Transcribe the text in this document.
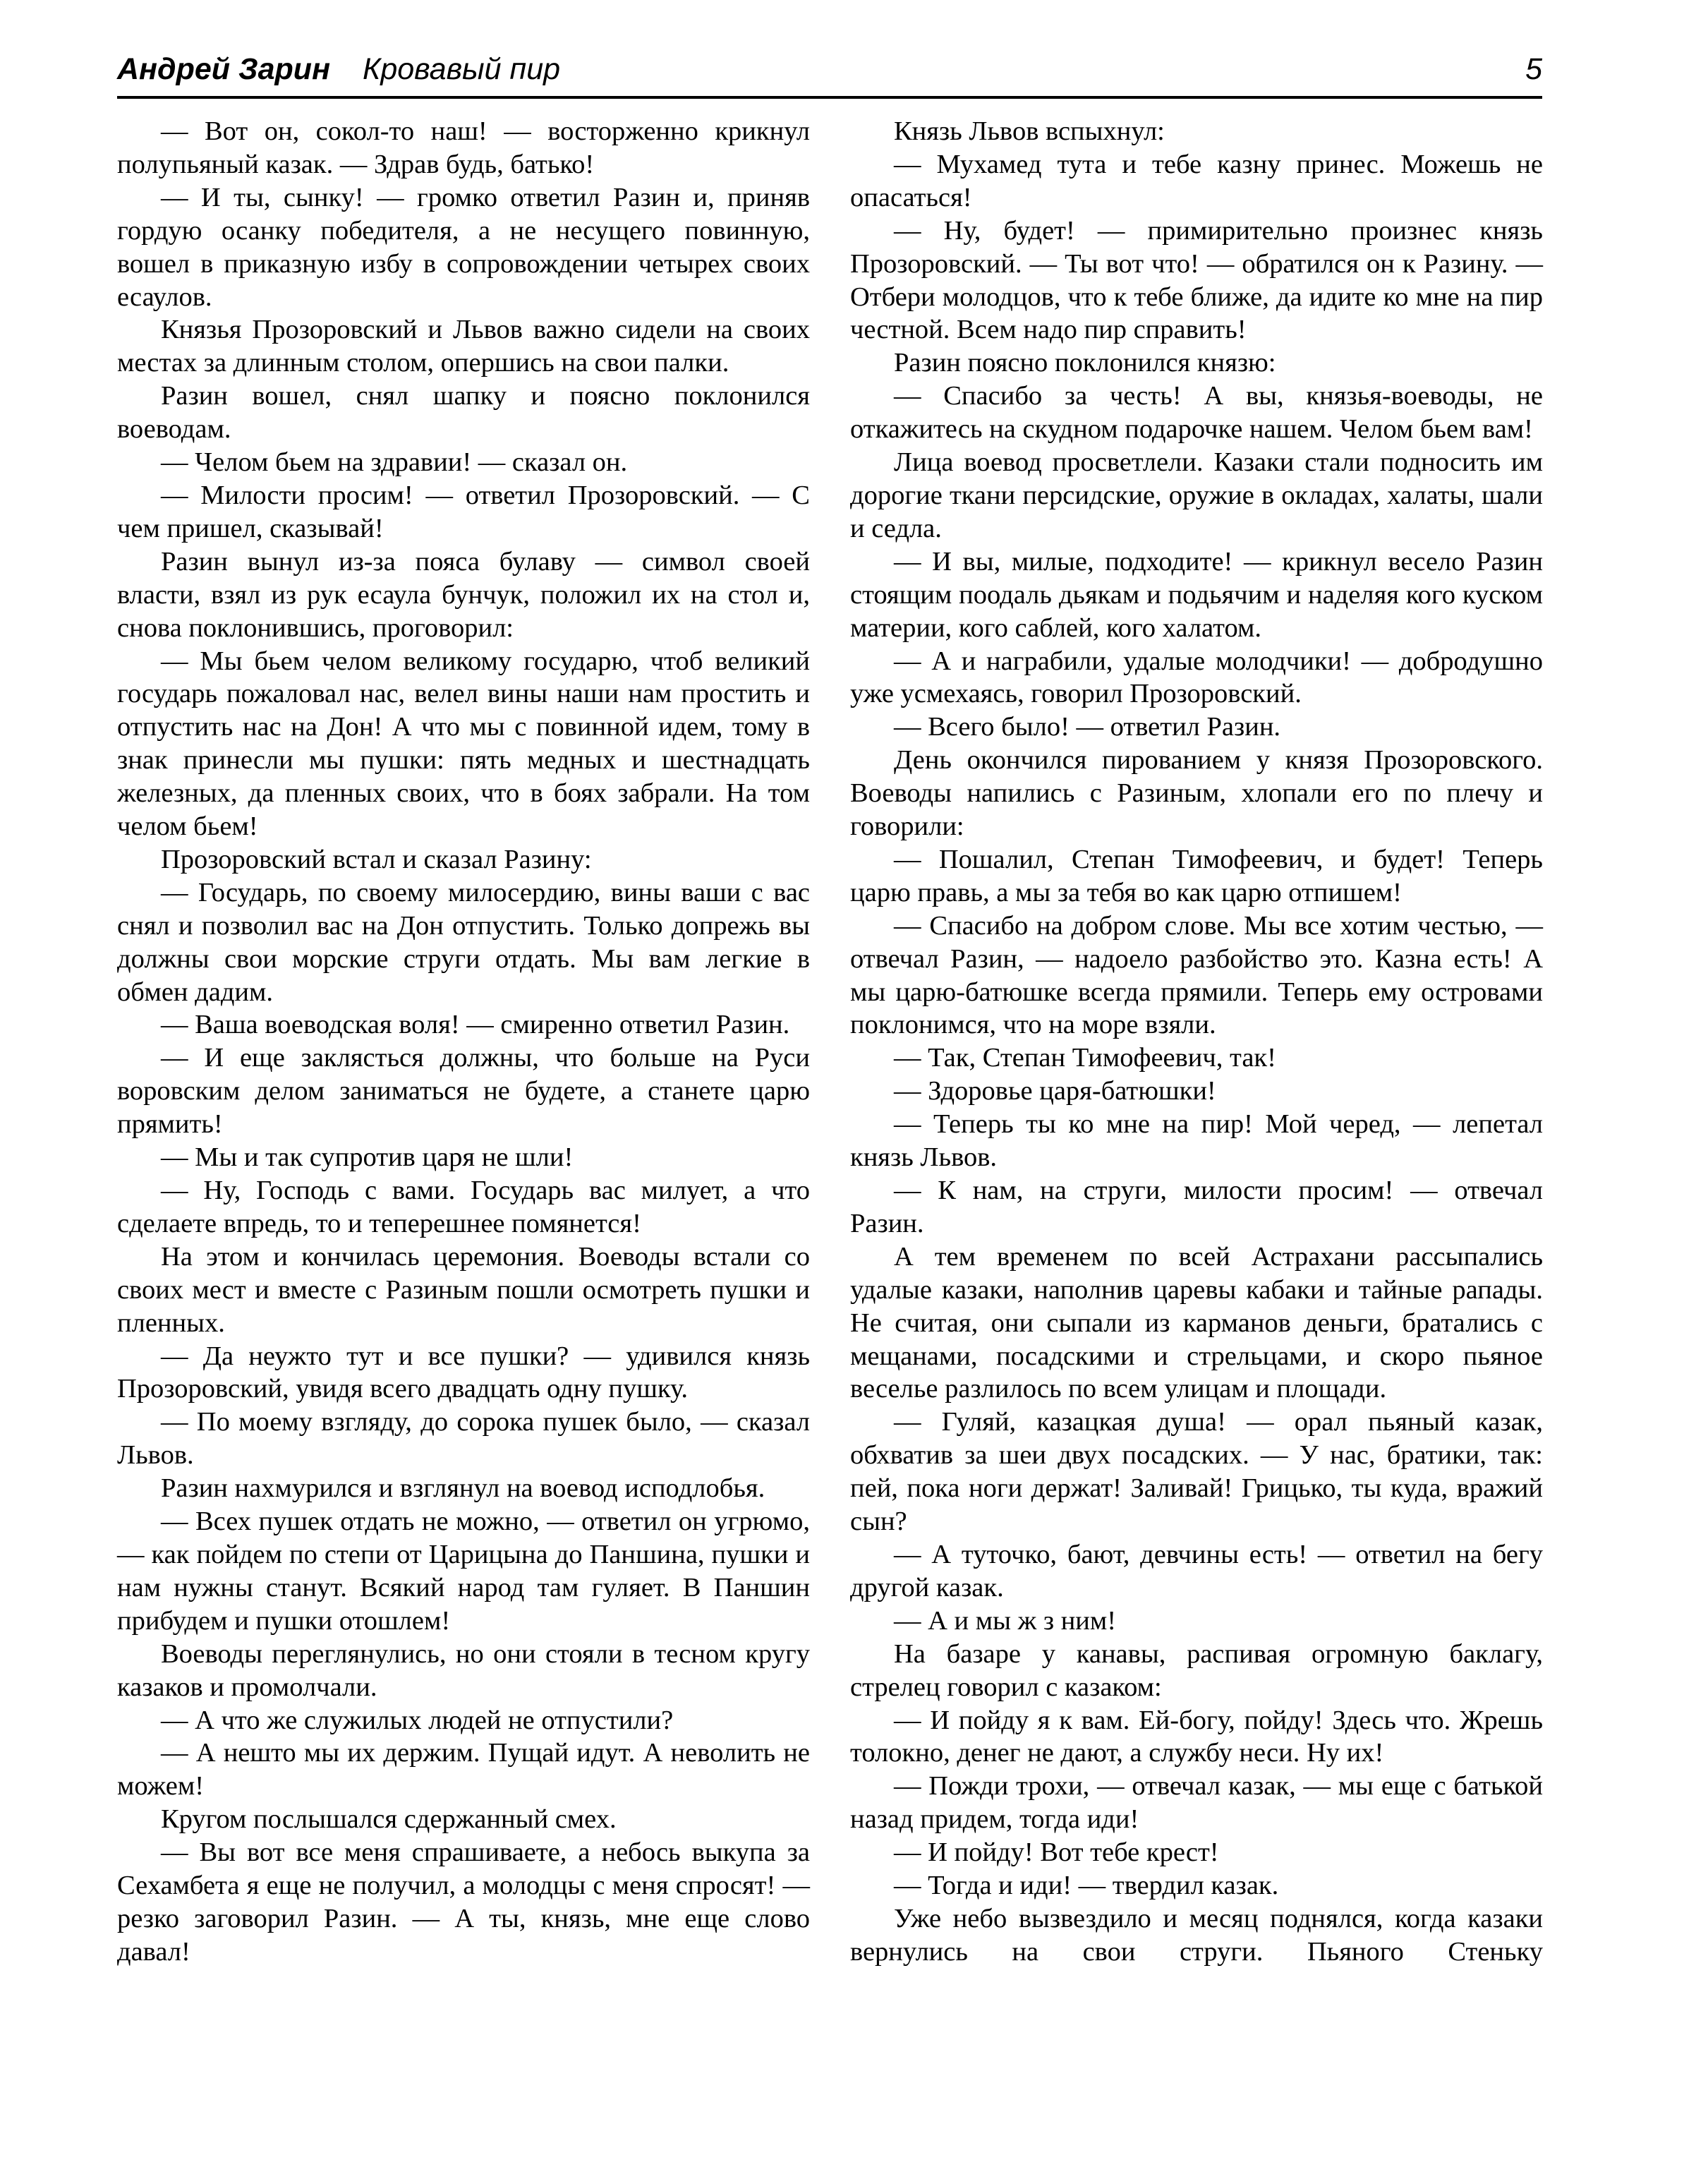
Андрей Зарин Кровавый пир	5

— Вот он, сокол-то наш! — восторженно крикнул полупьяный казак. — Здрав будь, батько!

— И ты, сынку! — громко ответил Разин и, приняв гордую осанку победителя, а не несущего повинную, вошел в приказную избу в сопровождении четырех своих есаулов.

Князья Прозоровский и Львов важно сидели на своих местах за длинным столом, опершись на свои палки.

Разин вошел, снял шапку и поясно поклонился воеводам.

— Челом бьем на здравии! — сказал он.

— Милости просим! — ответил Прозоровский. — С чем пришел, сказывай!

Разин вынул из-за пояса булаву — символ своей власти, взял из рук есаула бунчук, положил их на стол и, снова поклонившись, проговорил:

— Мы бьем челом великому государю, чтоб великий государь пожаловал нас, велел вины наши нам простить и отпустить нас на Дон! А что мы с повинной идем, тому в знак принесли мы пушки: пять медных и шестнадцать железных, да пленных своих, что в боях забрали. На том челом бьем!

Прозоровский встал и сказал Разину:

— Государь, по своему милосердию, вины ваши с вас снял и позволил вас на Дон отпустить. Только допрежь вы должны свои морские струги отдать. Мы вам легкие в обмен дадим.

— Ваша воеводская воля! — смиренно ответил Разин.

— И еще заклясться должны, что больше на Руси воровским делом заниматься не будете, а станете царю прямить!

— Мы и так супротив царя не шли!

— Ну, Господь с вами. Государь вас милует, а что сделаете впредь, то и теперешнее помянется!

На этом и кончилась церемония. Воеводы встали со своих мест и вместе с Разиным пошли осмотреть пушки и пленных.

— Да неужто тут и все пушки? — удивился князь Прозоровский, увидя всего двадцать одну пушку.

— По моему взгляду, до сорока пушек было, — сказал Львов.

Разин нахмурился и взглянул на воевод исподлобья.

— Всех пушек отдать не можно, — ответил он угрюмо, — как пойдем по степи от Царицына до Паншина, пушки и нам нужны станут. Всякий народ там гуляет. В Паншин прибудем и пушки отошлем!

Воеводы переглянулись, но они стояли в тесном кругу казаков и промолчали.

— А что же служилых людей не отпустили?

— А нешто мы их держим. Пущай идут. А неволить не можем!

Кругом послышался сдержанный смех.

— Вы вот все меня спрашиваете, а небось выкупа за Сехамбета я еще не получил, а молодцы с меня спросят! — резко заговорил Разин. — А ты, князь, мне еще слово давал!

Князь Львов вспыхнул:

— Мухамед тута и тебе казну принес. Можешь не опасаться!

— Ну, будет! — примирительно произнес князь Прозоровский. — Ты вот что! — обратился он к Разину. — Отбери молодцов, что к тебе ближе, да идите ко мне на пир честной. Всем надо пир справить!

Разин поясно поклонился князю:

— Спасибо за честь! А вы, князья-воеводы, не откажитесь на скудном подарочке нашем. Челом бьем вам!

Лица воевод просветлели. Казаки стали подносить им дорогие ткани персидские, оружие в окладах, халаты, шали и седла.

— И вы, милые, подходите! — крикнул весело Разин стоящим поодаль дьякам и подьячим и наделяя кого куском материи, кого саблей, кого халатом.

— А и награбили, удалые молодчики! — добродушно уже усмехаясь, говорил Прозоровский.

— Всего было! — ответил Разин.

День окончился пированием у князя Прозоровского. Воеводы напились с Разиным, хлопали его по плечу и говорили:

— Пошалил, Степан Тимофеевич, и будет! Теперь царю правь, а мы за тебя во как царю отпишем!

— Спасибо на добром слове. Мы все хотим честью, — отвечал Разин, — надоело разбойство это. Казна есть! А мы царю-батюшке всегда прямили. Теперь ему островами поклонимся, что на море взяли.

— Так, Степан Тимофеевич, так!

— Здоровье царя-батюшки!

— Теперь ты ко мне на пир! Мой черед, — лепетал князь Львов.

— К нам, на струги, милости просим! — отвечал Разин.

А тем временем по всей Астрахани рассыпались удалые казаки, наполнив царевы кабаки и тайные рапады. Не считая, они сыпали из карманов деньги, братались с мещанами, посадскими и стрельцами, и скоро пьяное веселье разлилось по всем улицам и площади.

— Гуляй, казацкая душа! — орал пьяный казак, обхватив за шеи двух посадских. — У нас, братики, так: пей, пока ноги держат! Заливай! Грицько, ты куда, вражий сын?

— А туточко, бают, девчины есть! — ответил на бегу другой казак.

— А и мы ж з ним!

На базаре у канавы, распивая огромную баклагу, стрелец говорил с казаком:

— И пойду я к вам. Ей-богу, пойду! Здесь что. Жрешь толокно, денег не дают, а службу неси. Ну их!

— Пожди трохи, — отвечал казак, — мы еще с батькой назад придем, тогда иди!

— И пойду! Вот тебе крест!

— Тогда и иди! — твердил казак.

Уже небо вызвездило и месяц поднялся, когда казаки вернулись на свои струги. Пьяного Стеньку
